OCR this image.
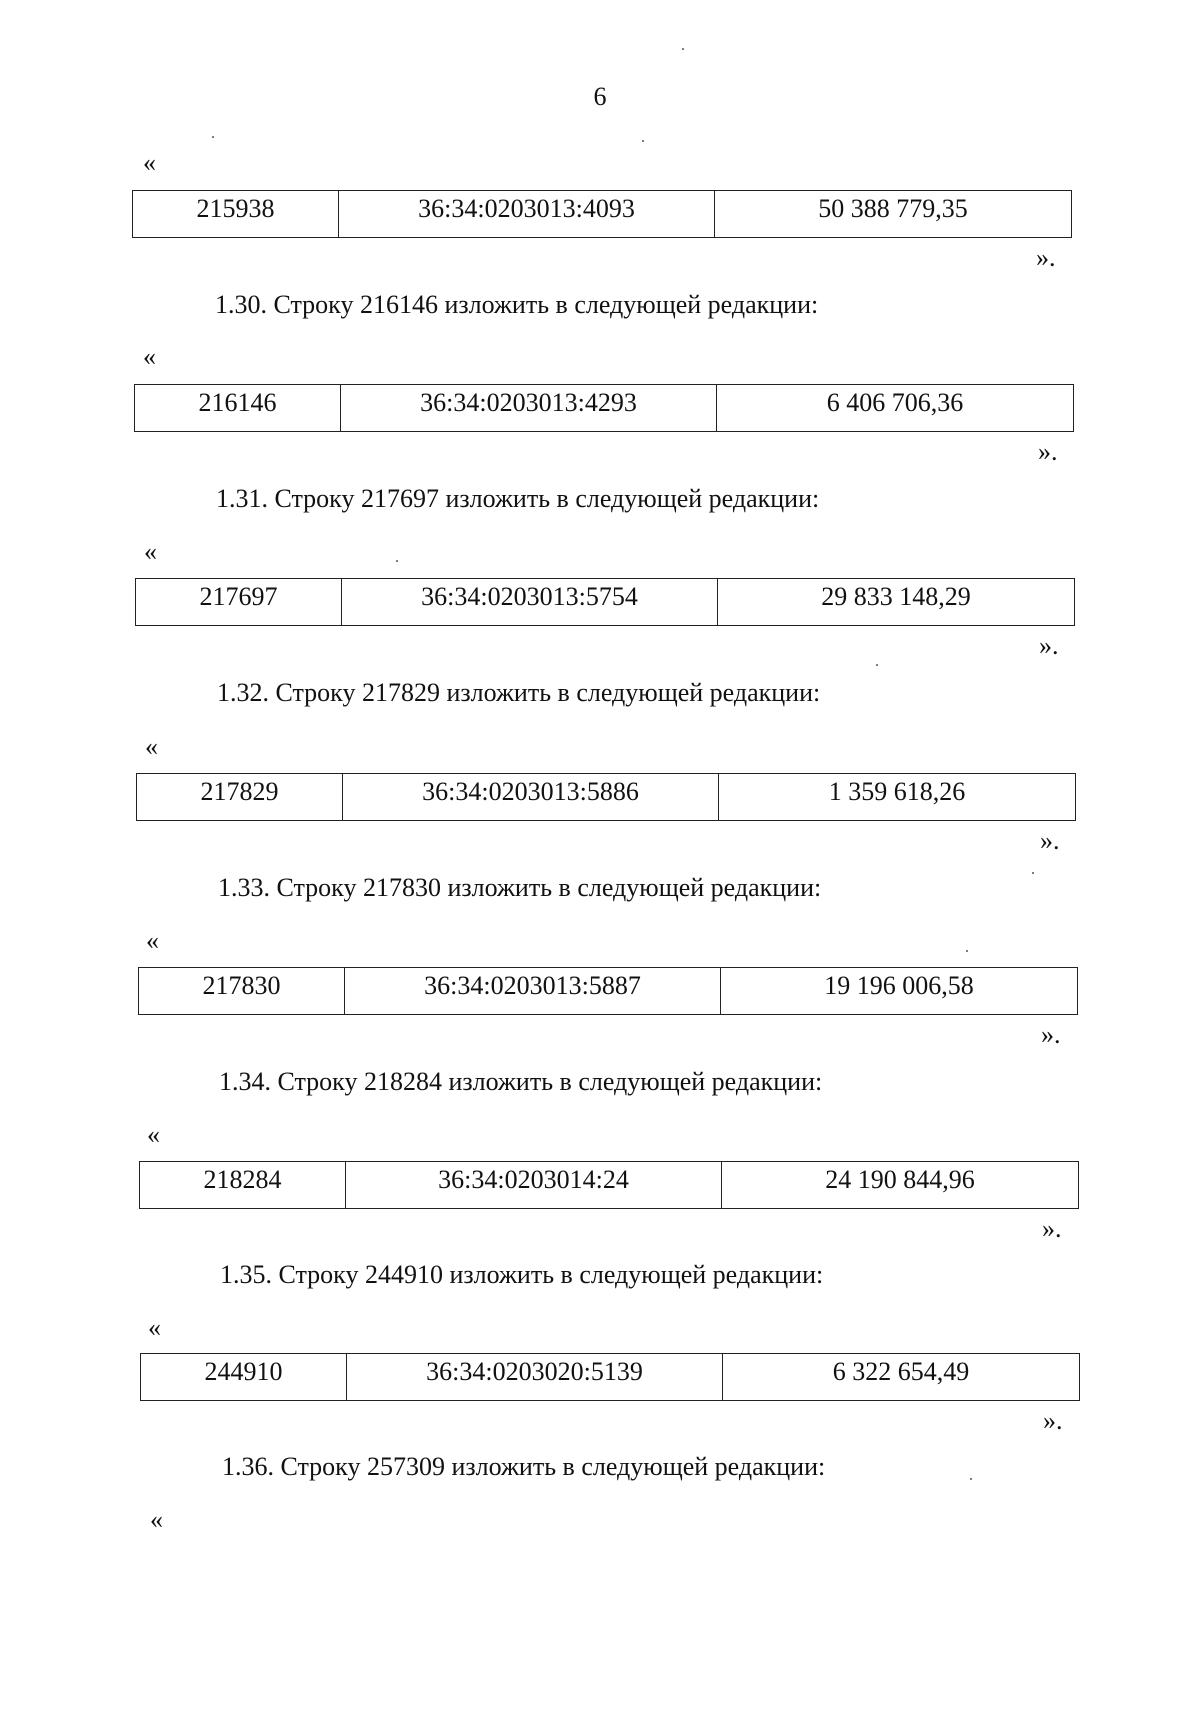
6
«
215938	36:34:0203013:4093	50 388 779,35
».
1.30. Строку 216146 изложить в следующей редакции:
«
216146	36:34:0203013:4293	6 406 706,36
».
1.31. Строку 217697 изложить в следующей редакции:
«
217697	36:34:0203013:5754	29 833 148,29
».
1.32. Строку 217829 изложить в следующей редакции:
«
217829	36:34:0203013:5886	1 359 618,26
».
1.33. Строку 217830 изложить в следующей редакции:
«
217830	36:34:0203013:5887	19 196 006,58
».
1.34. Строку 218284 изложить в следующей редакции:
«
218284	36:34:0203014:24	24 190 844,96
».
1.35. Строку 244910 изложить в следующей редакции:
«
244910	36:34:0203020:5139	6 322 654,49
».
1.36. Строку 257309 изложить в следующей редакции:
«
